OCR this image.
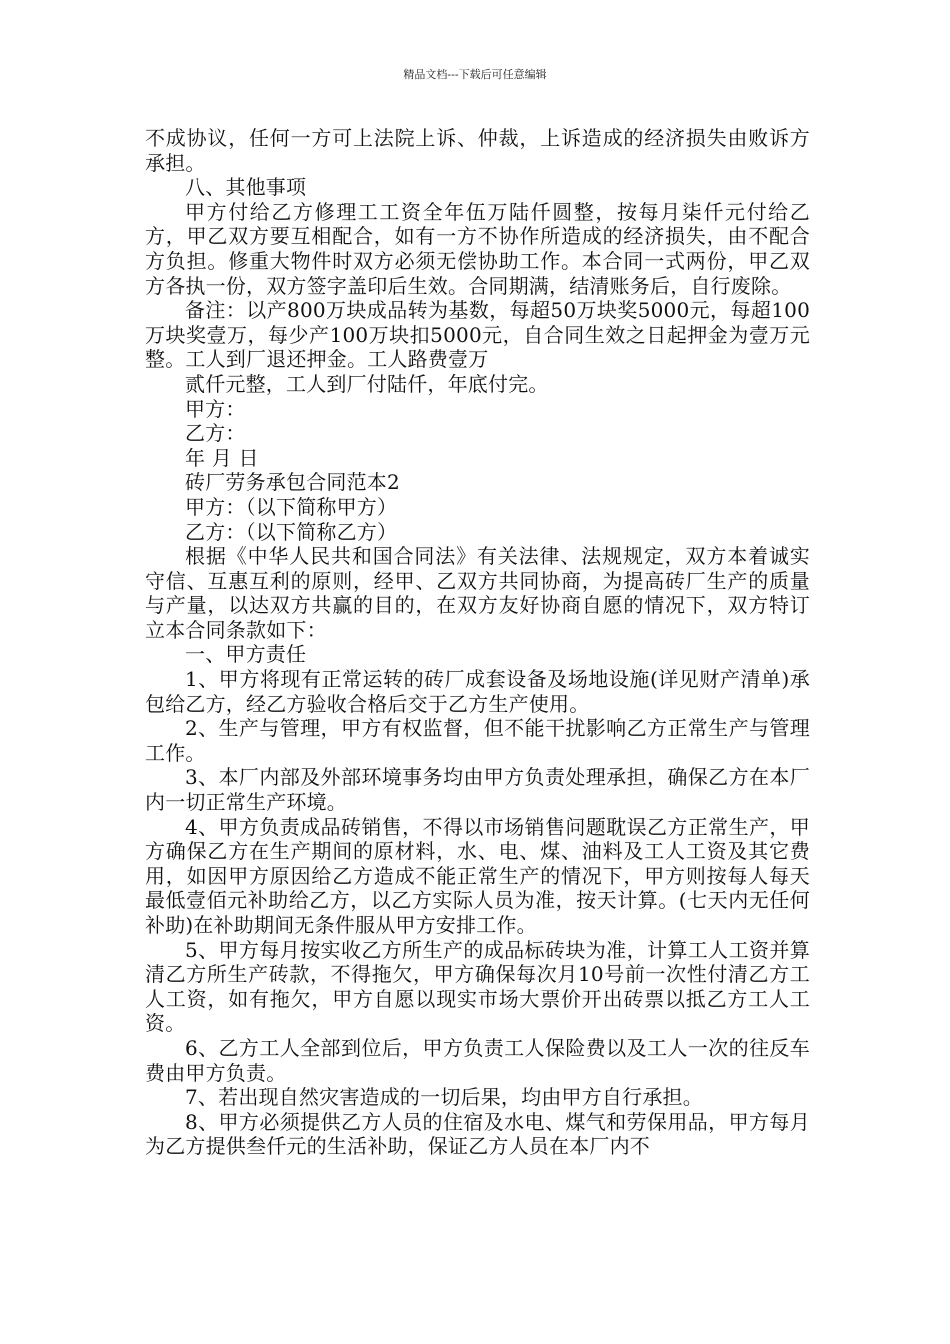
精品文档---下载后可任意编辑

不成协议，任何一方可上法院上诉、仲裁，上诉造成的经济损失由败诉方承担。

八、其他事项

甲方付给乙方修理工工资全年伍万陆仟圆整，按每月柒仟元付给乙方，甲乙双方要互相配合，如有一方不协作所造成的经济损失，由不配合方负担。修重大物件时双方必须无偿协助工作。本合同一式两份，甲乙双方各执一份，双方签字盖印后生效。合同期满，结清账务后，自行废除。

备注：以产800万块成品转为基数，每超50万块奖5000元，每超100万块奖壹万，每少产100万块扣5000元，自合同生效之日起押金为壹万元整。工人到厂退还押金。工人路费壹万

贰仟元整，工人到厂付陆仟，年底付完。

甲方：

乙方：

年 月 日

砖厂劳务承包合同范本2

甲方：（以下简称甲方）

乙方：（以下简称乙方）

根据《中华人民共和国合同法》有关法律、法规规定，双方本着诚实守信、互惠互利的原则，经甲、乙双方共同协商，为提高砖厂生产的质量与产量，以达双方共赢的目的，在双方友好协商自愿的情况下，双方特订立本合同条款如下：

一、甲方责任

1、甲方将现有正常运转的砖厂成套设备及场地设施(详见财产清单)承包给乙方，经乙方验收合格后交于乙方生产使用。

2、生产与管理，甲方有权监督，但不能干扰影响乙方正常生产与管理工作。

3、本厂内部及外部环境事务均由甲方负责处理承担，确保乙方在本厂内一切正常生产环境。

4、甲方负责成品砖销售，不得以市场销售问题耽误乙方正常生产，甲方确保乙方在生产期间的原材料，水、电、煤、油料及工人工资及其它费用，如因甲方原因给乙方造成不能正常生产的情况下，甲方则按每人每天最低壹佰元补助给乙方，以乙方实际人员为准，按天计算。(七天内无任何补助)在补助期间无条件服从甲方安排工作。

5、甲方每月按实收乙方所生产的成品标砖块为准，计算工人工资并算清乙方所生产砖款，不得拖欠，甲方确保每次月10号前一次性付清乙方工人工资，如有拖欠，甲方自愿以现实市场大票价开出砖票以抵乙方工人工资。

6、乙方工人全部到位后，甲方负责工人保险费以及工人一次的往反车费由甲方负责。

7、若出现自然灾害造成的一切后果，均由甲方自行承担。

8、甲方必须提供乙方人员的住宿及水电、煤气和劳保用品，甲方每月为乙方提供叁仟元的生活补助，保证乙方人员在本厂内不
